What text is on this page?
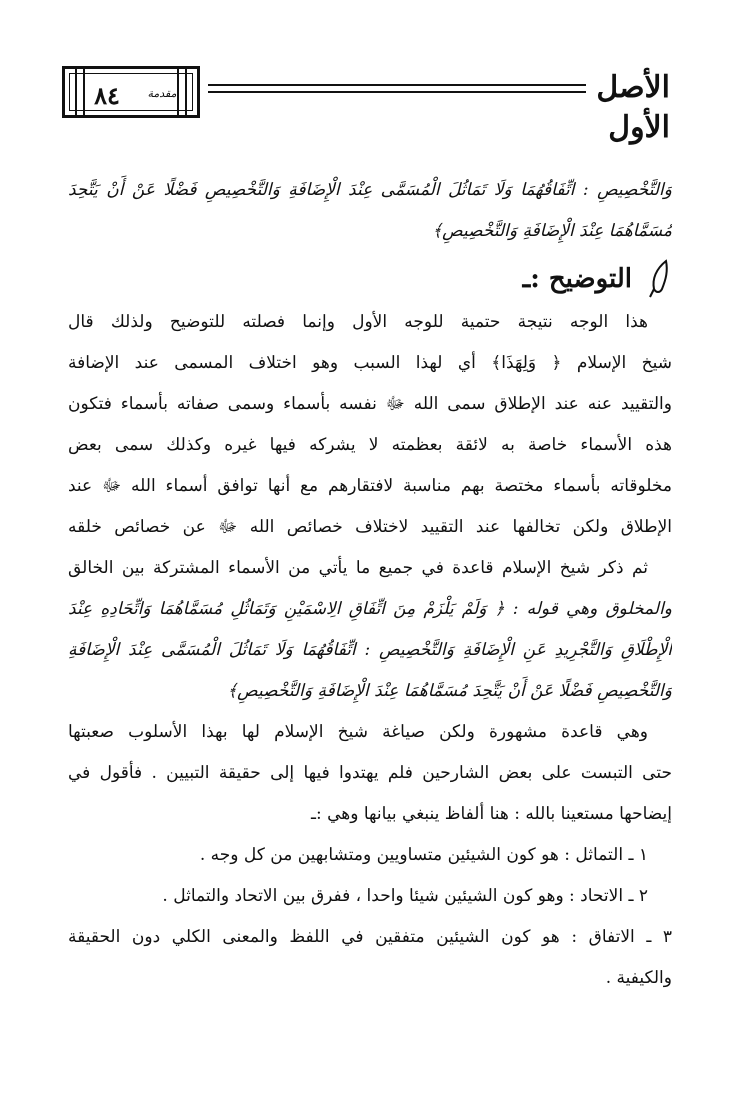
٨٤	مقدمة	الأصل الأول
وَالتَّخْصِيصِ : اتِّفَاقُهُمَا وَلَا تَمَاثُلَ الْمُسَمَّى عِنْدَ الْإِضَافَةِ وَالتَّخْصِيصِ فَضْلًا عَنْ أَنْ يَتَّحِدَ
مُسَمَّاهُمَا عِنْدَ الْإِضَافَةِ وَالتَّخْصِيصِ﴾
التوضيح :ـ
هذا الوجه نتيجة حتمية للوجه الأول وإنما فصلته للتوضيح ولذلك قال
شيخ الإسلام ﴿ وَلِهَذَا﴾ أي لهذا السبب وهو اختلاف المسمى عند الإضافة
والتقييد عنه عند الإطلاق سمى الله ﷻ نفسه بأسماء وسمى صفاته بأسماء فتكون
هذه الأسماء خاصة به لائقة بعظمته لا يشركه فيها غيره وكذلك سمى بعض
مخلوقاته بأسماء مختصة بهم مناسبة لافتقارهم مع أنها توافق أسماء الله ﷻ عند
الإطلاق ولكن تخالفها عند التقييد لاختلاف خصائص الله ﷻ عن خصائص خلقه
ثم ذكر شيخ الإسلام قاعدة في جميع ما يأتي من الأسماء المشتركة بين الخالق
والمخلوق وهي قوله : ﴿ وَلَمْ يَلْزَمْ مِنَ اتِّفَاقِ الِاسْمَيْنِ وَتَمَاثُلِ مُسَمَّاهُمَا وَاتِّحَادِهِ عِنْدَ
الْإِطْلَاقِ وَالتَّجْرِيدِ عَنِ الْإِضَافَةِ وَالتَّخْصِيصِ : اتِّفَاقُهُمَا وَلَا تَمَاثُلَ الْمُسَمَّى عِنْدَ الْإِضَافَةِ
وَالتَّخْصِيصِ فَضْلًا عَنْ أَنْ يَتَّحِدَ مُسَمَّاهُمَا عِنْدَ الْإِضَافَةِ وَالتَّخْصِيصِ﴾
وهي قاعدة مشهورة ولكن صياغة شيخ الإسلام لها بهذا الأسلوب صعبتها
حتى التبست على بعض الشارحين فلم يهتدوا فيها إلى حقيقة التبيين . فأقول في
إيضاحها مستعينا بالله : هنا ألفاظ ينبغي بيانها وهي :ـ
١ ـ التماثل : هو كون الشيئين متساويين ومتشابهين من كل وجه .
٢ ـ الاتحاد : وهو كون الشيئين شيئا واحدا ، ففرق بين الاتحاد والتماثل .
٣ ـ الاتفاق : هو كون الشيئين متفقين في اللفظ والمعنى الكلي دون الحقيقة
والكيفية .
